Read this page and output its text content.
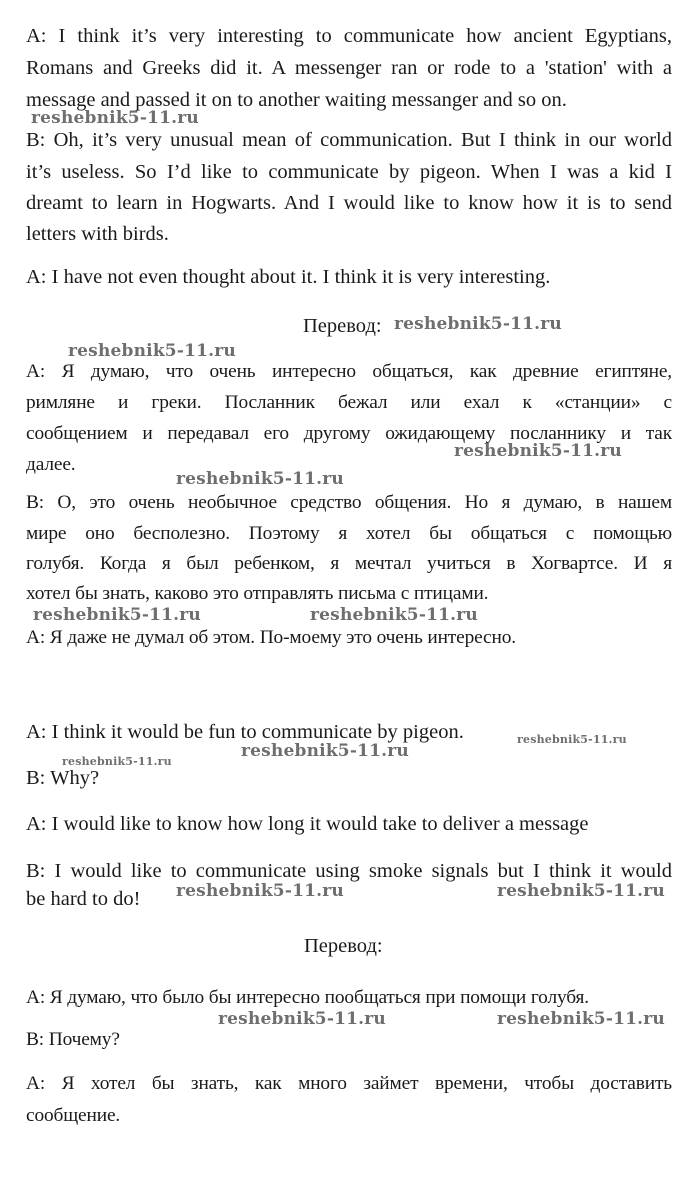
A: I think it’s very interesting to communicate how ancient Egyptians,
Romans and Greeks did it. A messenger ran or rode to a 'station' with a
message and passed it on to another waiting messanger and so on.
B: Oh, it’s very unusual mean of communication. But I think in our world
it’s useless. So I’d like to communicate by pigeon. When I was a kid I
dreamt to learn in Hogwarts. And I would like to know how it is to send
letters with birds.
A: I have not even thought about it. I think it is very interesting.
Перевод:
А: Я думаю, что очень интересно общаться, как древние египтяне,
римляне и греки. Посланник бежал или ехал к «станции» с
сообщением и передавал его другому ожидающему посланнику и так
далее.
В: О, это очень необычное средство общения. Но я думаю, в нашем
мире оно бесполезно. Поэтому я хотел бы общаться с помощью
голубя. Когда я был ребенком, я мечтал учиться в Хогвартсе. И я
хотел бы знать, каково это отправлять письма с птицами.
А: Я даже не думал об этом. По-моему это очень интересно.
A: I think it would be fun to communicate by pigeon.
B: Why?
A: I would like to know how long it would take to deliver a message
B: I would like to communicate using smoke signals but I think it would
be hard to do!
Перевод:
А: Я думаю, что было бы интересно пообщаться при помощи голубя.
В: Почему?
А: Я хотел бы знать, как много займет времени, чтобы доставить
сообщение.
reshebnik5-11.ru
reshebnik5-11.ru
reshebnik5-11.ru
reshebnik5-11.ru
reshebnik5-11.ru
reshebnik5-11.ru	reshebnik5-11.ru
reshebnik5-11.ru
reshebnik5-11.ru
reshebnik5-11.ru
reshebnik5-11.ru	reshebnik5-11.ru
reshebnik5-11.ru	reshebnik5-11.ru
